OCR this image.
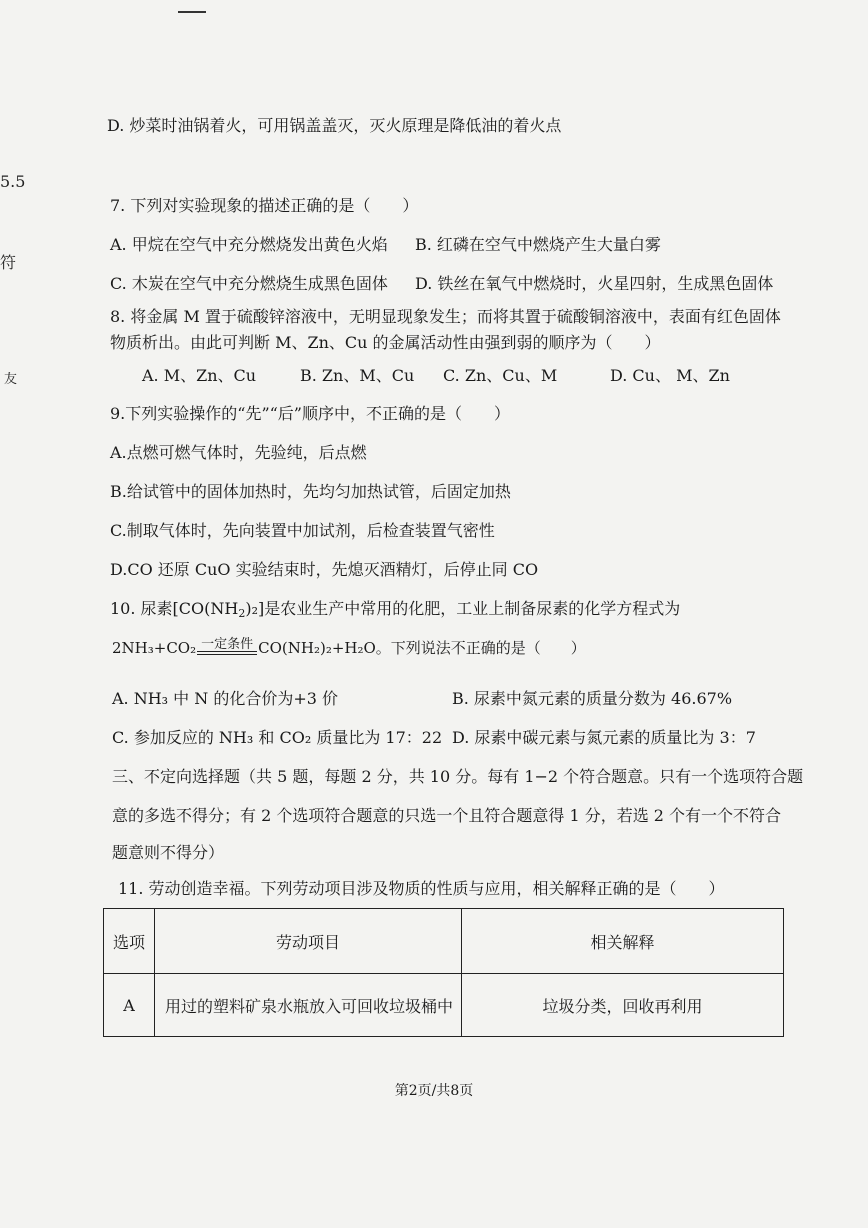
5.5
符
友
D. 炒菜时油锅着火，可用锅盖盖灭，灭火原理是降低油的着火点
7. 下列对实验现象的描述正确的是（　　）
A. 甲烷在空气中充分燃烧发出黄色火焰 B. 红磷在空气中燃烧产生大量白雾
C. 木炭在空气中充分燃烧生成黑色固体 D. 铁丝在氧气中燃烧时，火星四射，生成黑色固体
8. 将金属 M 置于硫酸锌溶液中，无明显现象发生；而将其置于硫酸铜溶液中，表面有红色固体
物质析出。由此可判断 M、Zn、Cu 的金属活动性由强到弱的顺序为（　　）
A. M、Zn、Cu	B. Zn、M、Cu C. Zn、Cu、M	D. Cu、 M、Zn
9.下列实验操作的“先”“后”顺序中，不正确的是（　　）
A.点燃可燃气体时，先验纯，后点燃
B.给试管中的固体加热时，先均匀加热试管，后固定加热
C.制取气体时，先向装置中加试剂，后检查装置气密性
D.CO 还原 CuO 实验结束时，先熄灭酒精灯，后停止同 CO
10. 尿素[CO(NH2)₂]是农业生产中常用的化肥，工业上制备尿素的化学方程式为
2NH₃+CO₂ 一定条件 CO(NH₂)₂+H₂O。下列说法不正确的是（　　）
A. NH₃ 中 N 的化合价为+3 价	B. 尿素中氮元素的质量分数为 46.67%
C. 参加反应的 NH₃ 和 CO₂ 质量比为 17：22 D. 尿素中碳元素与氮元素的质量比为 3：7
三、不定向选择题（共 5 题，每题 2 分，共 10 分。每有 1−2 个符合题意。只有一个选项符合题
意的多选不得分；有 2 个选项符合题意的只选一个且符合题意得 1 分，若选 2 个有一个不符合
题意则不得分）
11. 劳动创造幸福。下列劳动项目涉及物质的性质与应用，相关解释正确的是（　　）
选项	劳动项目	相关解释
A	用过的塑料矿泉水瓶放入可回收垃圾桶中	垃圾分类，回收再利用
第2页/共8页
